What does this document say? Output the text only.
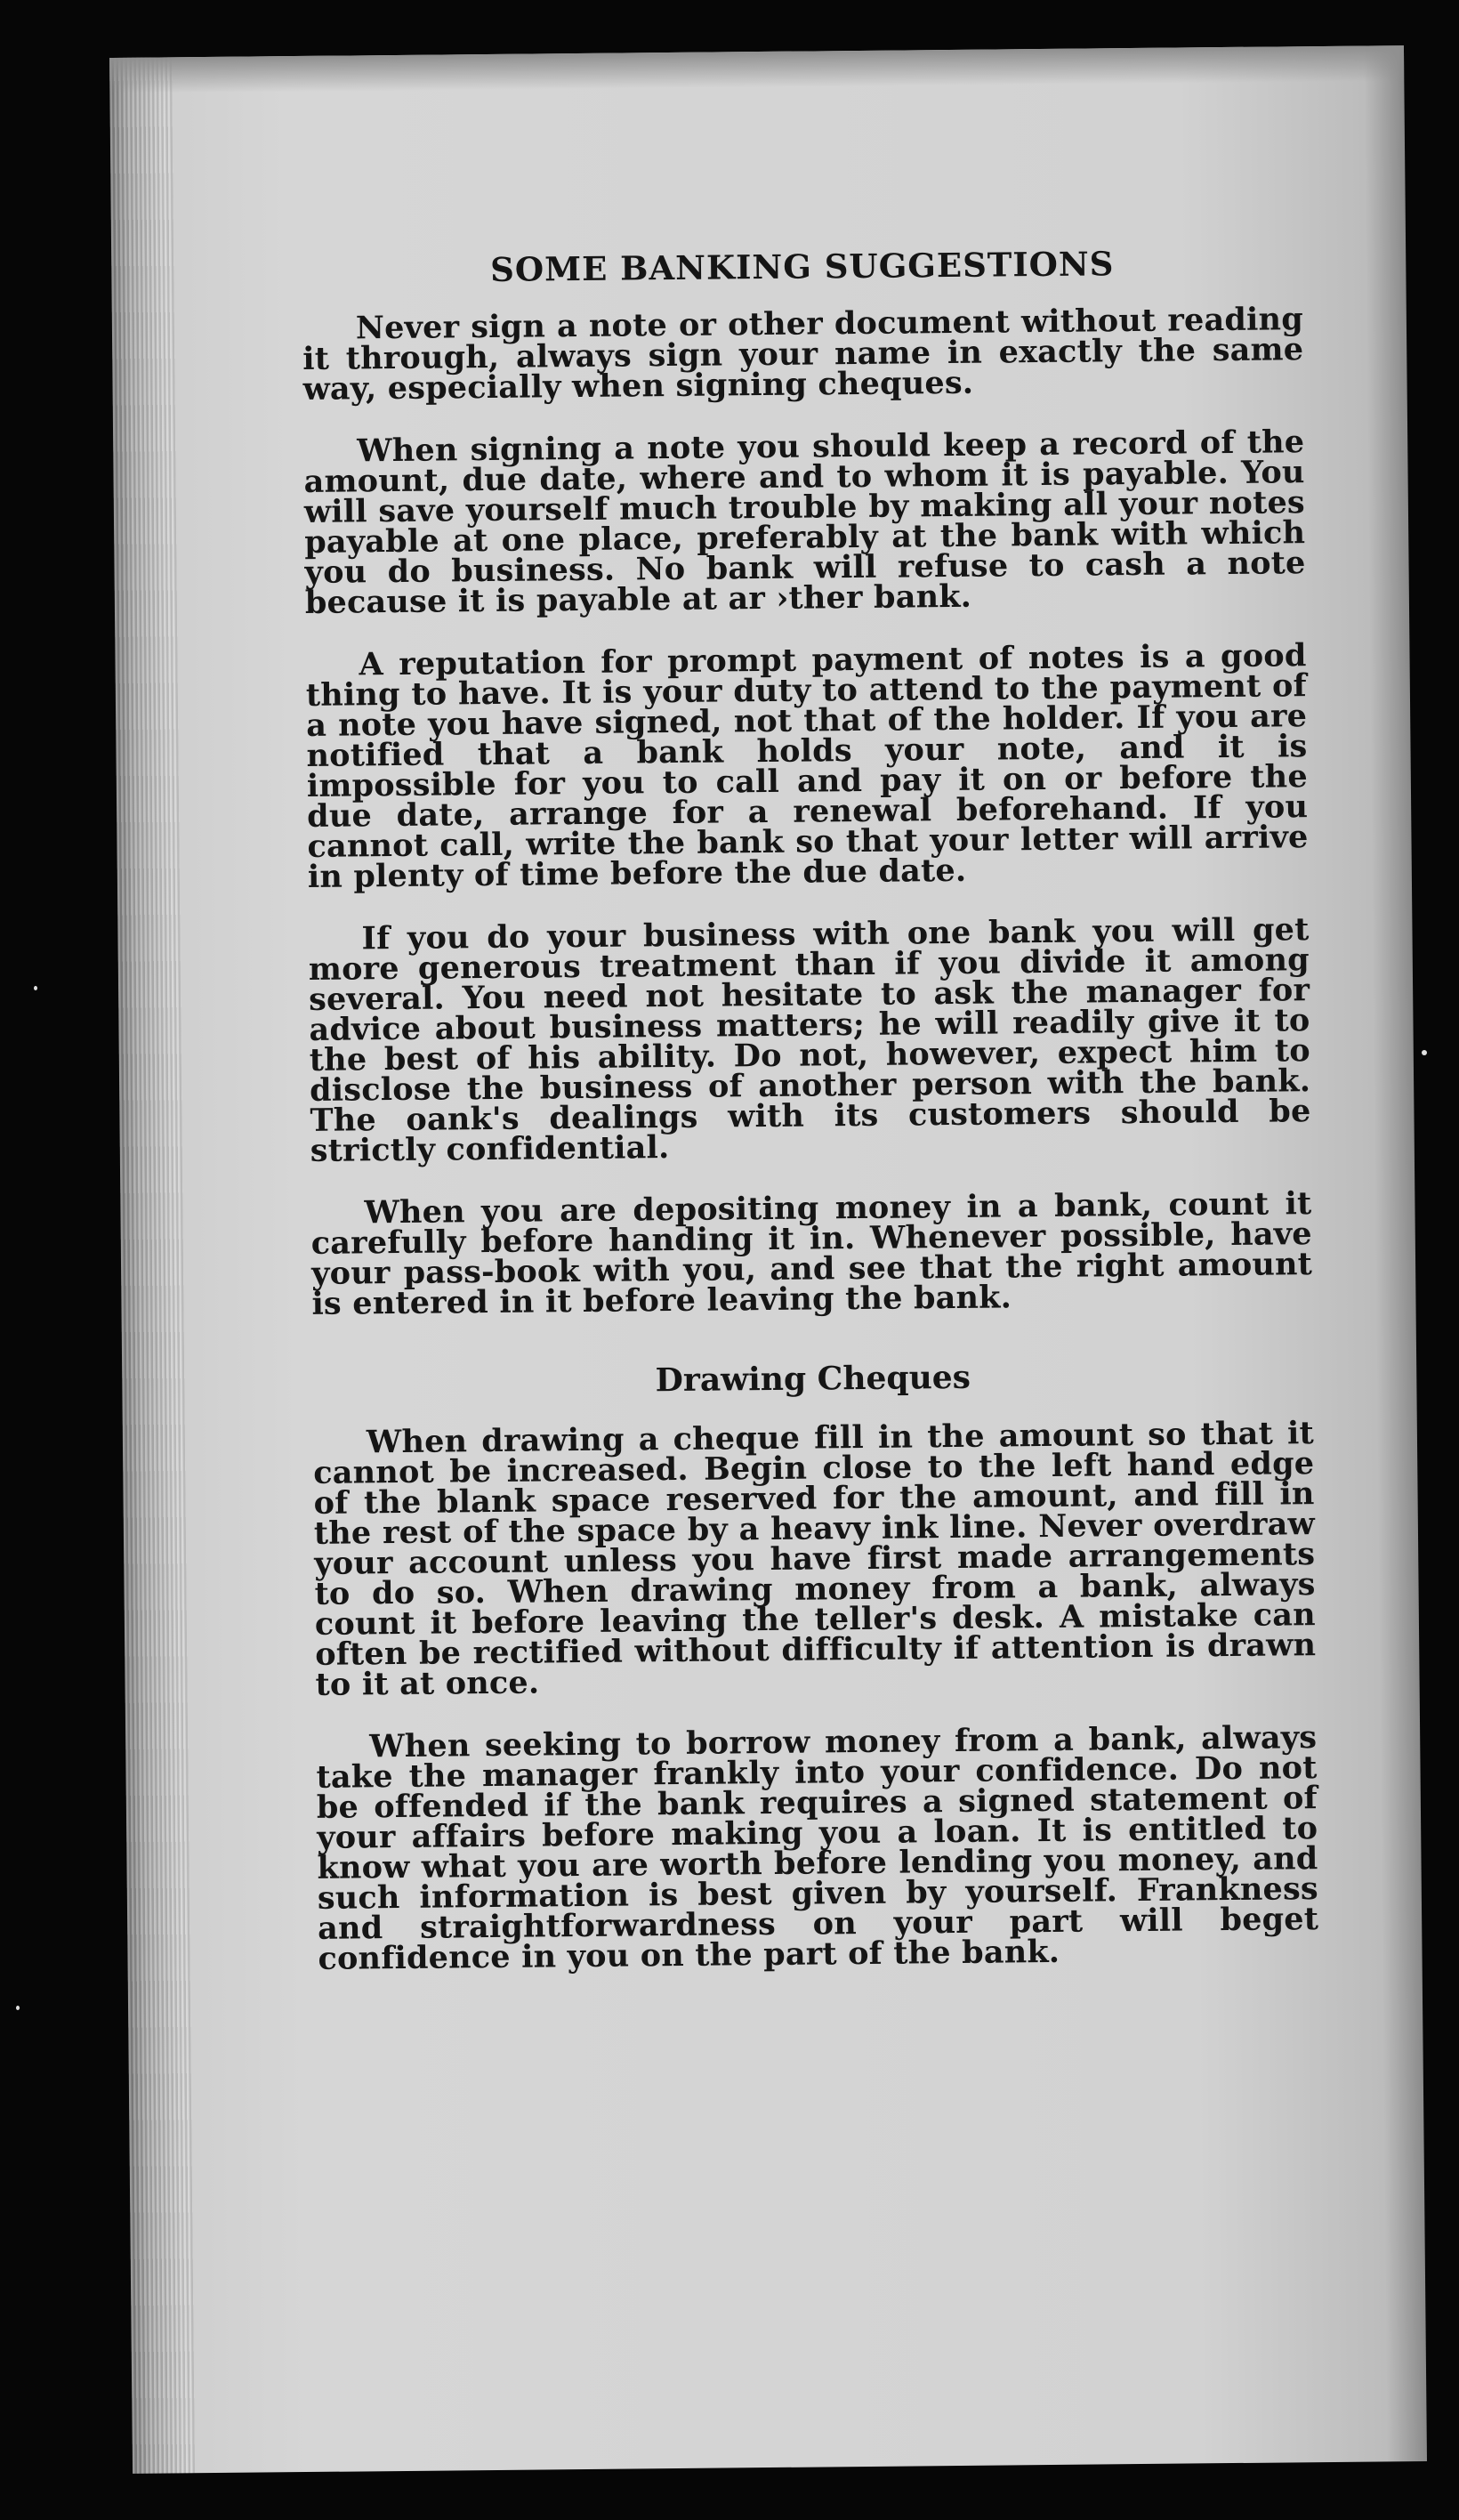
SOME BANKING SUGGESTIONS

Never sign a note or other document without reading it through, always sign your name in exactly the same way, especially when signing cheques.

When signing a note you should keep a record of the amount, due date, where and to whom it is payable. You will save yourself much trouble by making all your notes payable at one place, preferably at the bank with which you do business. No bank will refuse to cash a note because it is payable at ar ›ther bank.

A reputation for prompt payment of notes is a good thing to have. It is your duty to attend to the payment of a note you have signed, not that of the holder. If you are notified that a bank holds your note, and it is impossible for you to call and pay it on or before the due date, arrange for a renewal beforehand. If you cannot call, write the bank so that your letter will arrive in plenty of time before the due date.

If you do your business with one bank you will get more generous treatment than if you divide it among several. You need not hesitate to ask the manager for advice about business matters; he will readily give it to the best of his ability. Do not, however, expect him to disclose the business of another person with the bank. The oank's dealings with its customers should be strictly confidential.

When you are depositing money in a bank, count it carefully before handing it in. Whenever possible, have your pass-book with you, and see that the right amount is entered in it before leaving the bank.

Drawing Cheques

When drawing a cheque fill in the amount so that it cannot be increased. Begin close to the left hand edge of the blank space reserved for the amount, and fill in the rest of the space by a heavy ink line. Never overdraw your account unless you have first made arrangements to do so. When drawing money from a bank, always count it before leaving the teller's desk. A mistake can often be rectified without difficulty if attention is drawn to it at once.

When seeking to borrow money from a bank, always take the manager frankly into your confidence. Do not be offended if the bank requires a signed statement of your affairs before making you a loan. It is entitled to know what you are worth before lending you money, and such information is best given by yourself. Frankness and straightforwardness on your part will beget confidence in you on the part of the bank.
